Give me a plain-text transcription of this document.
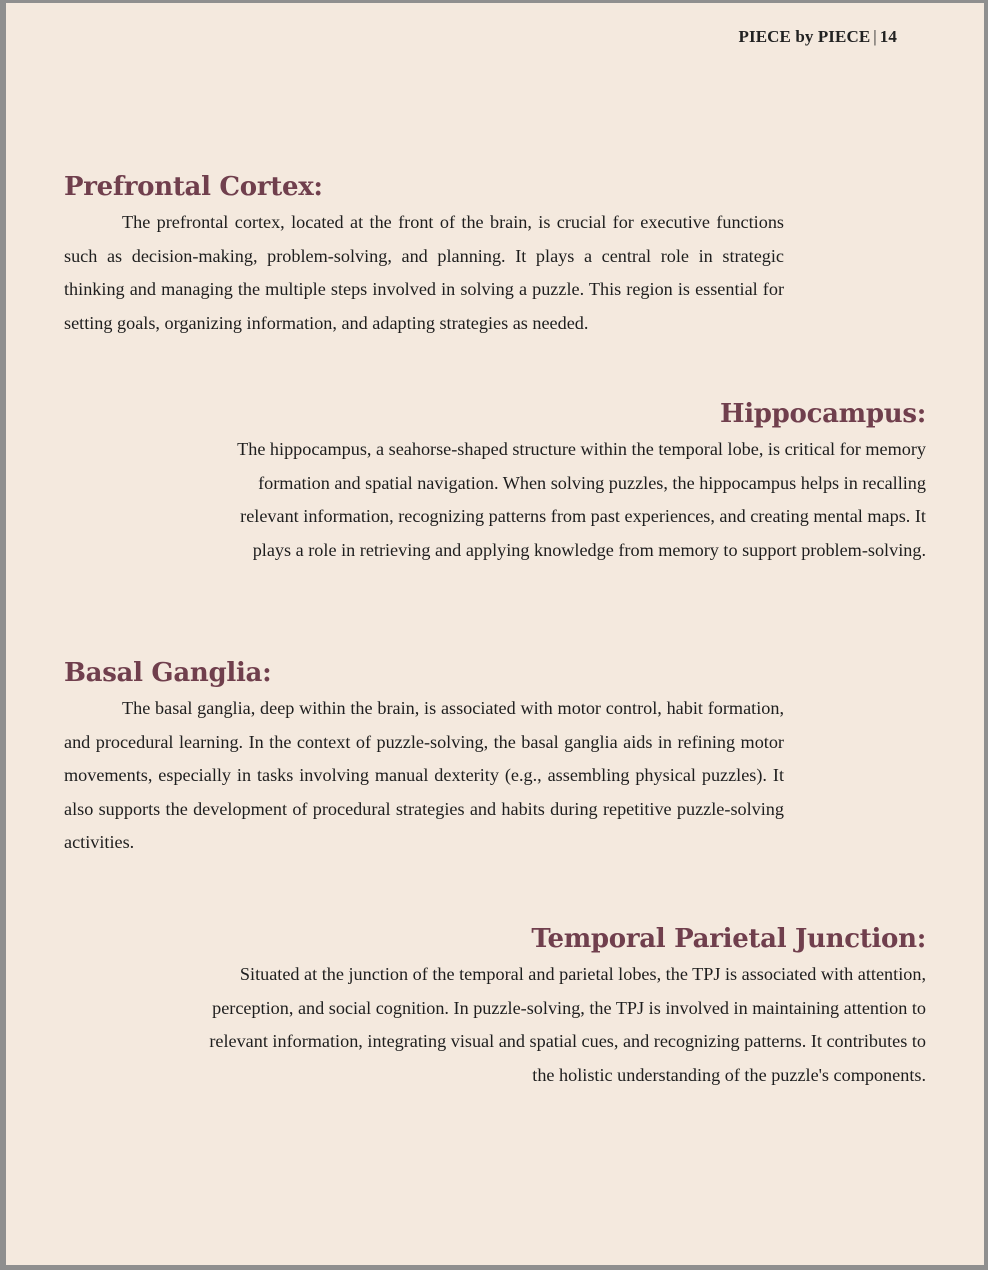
PIECE by PIECE | 14
Prefrontal Cortex:

The prefrontal cortex, located at the front of the brain, is crucial for executive functions such as decision-making, problem-solving, and planning. It plays a central role in strategic thinking and managing the multiple steps involved in solving a puzzle. This region is essential for setting goals, organizing information, and adapting strategies as needed.

Hippocampus:

The hippocampus, a seahorse-shaped structure within the temporal lobe, is critical for memory formation and spatial navigation. When solving puzzles, the hippocampus helps in recalling relevant information, recognizing patterns from past experiences, and creating mental maps. It plays a role in retrieving and applying knowledge from memory to support problem-solving.

Basal Ganglia:

The basal ganglia, deep within the brain, is associated with motor control, habit formation, and procedural learning. In the context of puzzle-solving, the basal ganglia aids in refining motor movements, especially in tasks involving manual dexterity (e.g., assembling physical puzzles). It also supports the development of procedural strategies and habits during repetitive puzzle-solving activities.

Temporal Parietal Junction:

Situated at the junction of the temporal and parietal lobes, the TPJ is associated with attention, perception, and social cognition. In puzzle-solving, the TPJ is involved in maintaining attention to relevant information, integrating visual and spatial cues, and recognizing patterns. It contributes to the holistic understanding of the puzzle's components.
